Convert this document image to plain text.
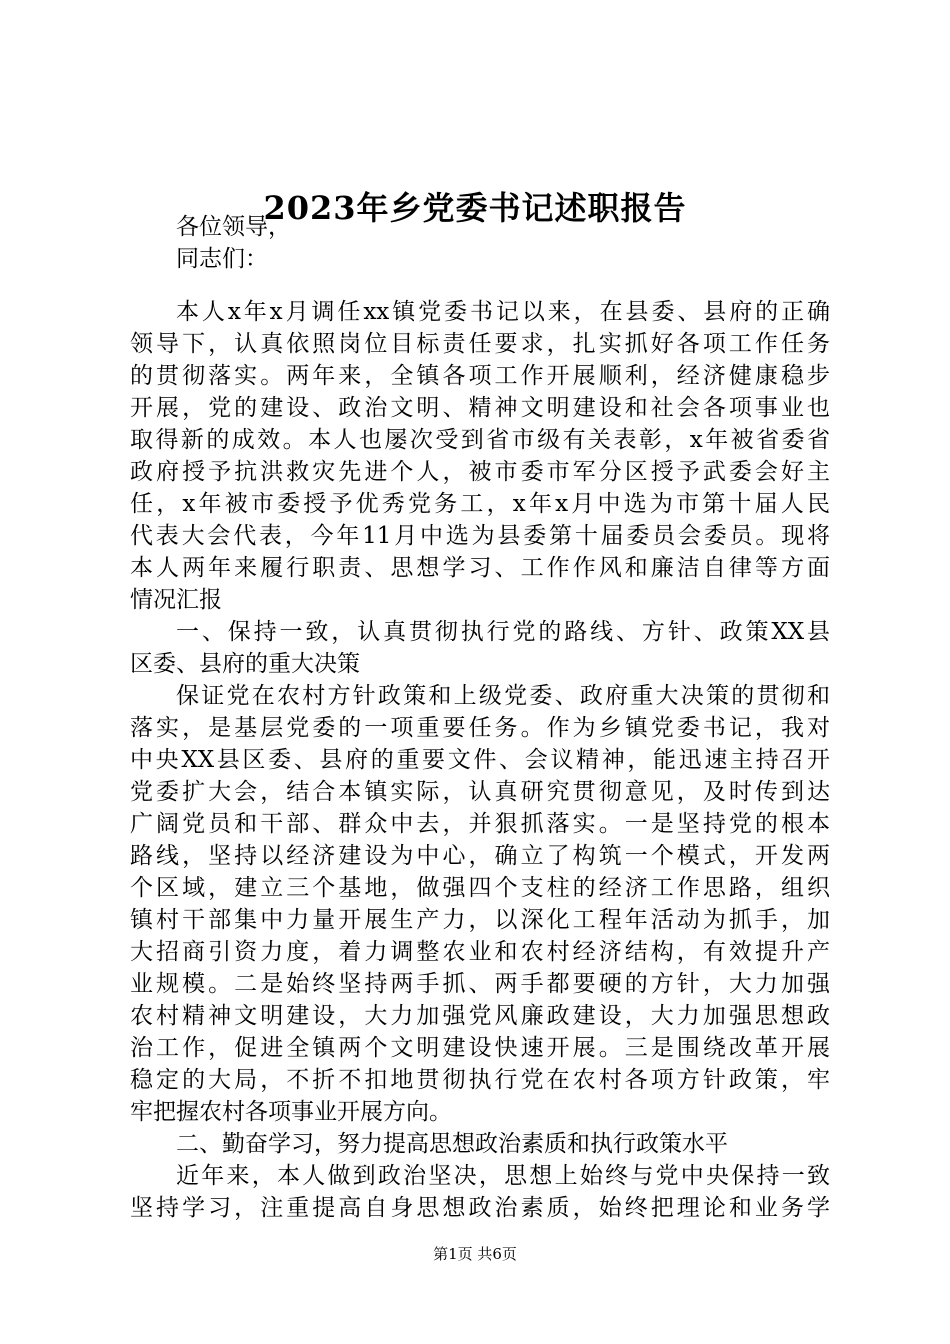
2023年乡党委书记述职报告
各位领导，
同志们：
本人x年x月调任xx镇党委书记以来，在县委、县府的正确
领导下，认真依照岗位目标责任要求，扎实抓好各项工作任务
的贯彻落实。两年来，全镇各项工作开展顺利，经济健康稳步
开展，党的建设、政治文明、精神文明建设和社会各项事业也
取得新的成效。本人也屡次受到省市级有关表彰，x年被省委省
政府授予抗洪救灾先进个人，被市委市军分区授予武委会好主
任，x年被市委授予优秀党务工，x年x月中选为市第十届人民
代表大会代表，今年11月中选为县委第十届委员会委员。现将
本人两年来履行职责、思想学习、工作作风和廉洁自律等方面
情况汇报
一、保持一致，认真贯彻执行党的路线、方针、政策XX县
区委、县府的重大决策
保证党在农村方针政策和上级党委、政府重大决策的贯彻和
落实，是基层党委的一项重要任务。作为乡镇党委书记，我对
中央XX县区委、县府的重要文件、会议精神，能迅速主持召开
党委扩大会，结合本镇实际，认真研究贯彻意见，及时传到达
广阔党员和干部、群众中去，并狠抓落实。一是坚持党的根本
路线，坚持以经济建设为中心，确立了构筑一个模式，开发两
个区域，建立三个基地，做强四个支柱的经济工作思路，组织
镇村干部集中力量开展生产力，以深化工程年活动为抓手，加
大招商引资力度，着力调整农业和农村经济结构，有效提升产
业规模。二是始终坚持两手抓、两手都要硬的方针，大力加强
农村精神文明建设，大力加强党风廉政建设，大力加强思想政
治工作，促进全镇两个文明建设快速开展。三是围绕改革开展
稳定的大局，不折不扣地贯彻执行党在农村各项方针政策，牢
牢把握农村各项事业开展方向。
二、勤奋学习，努力提高思想政治素质和执行政策水平
近年来，本人做到政治坚决，思想上始终与党中央保持一致
坚持学习，注重提高自身思想政治素质，始终把理论和业务学
第1页 共6页
